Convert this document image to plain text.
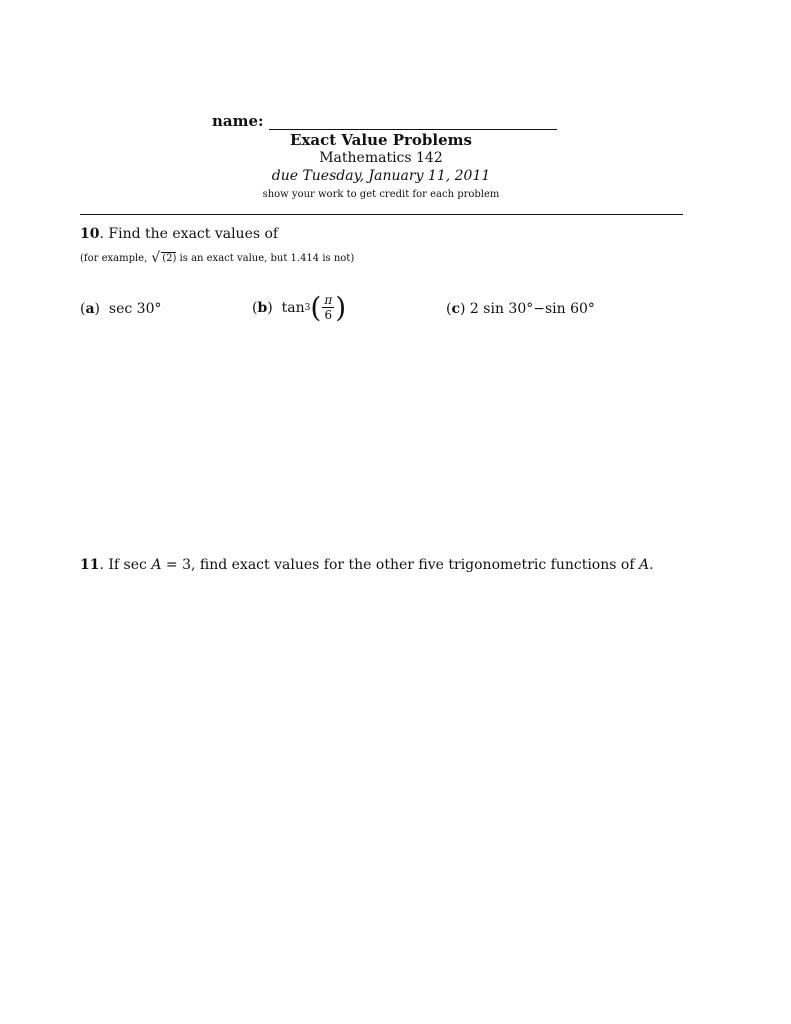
name:
Exact Value Problems
Mathematics 142
due Tuesday, January 11, 2011
show your work to get credit for each problem
10. Find the exact values of
(for example, √ (2) is an exact value, but 1.414 is not)
( a ) sec 30°	( b ) tan 3 ( $\frac{\pi}{6}$ )	( c ) 2 sin 30°−sin 60°
11. If sec A = 3, find exact values for the other five trigonometric functions of A.
